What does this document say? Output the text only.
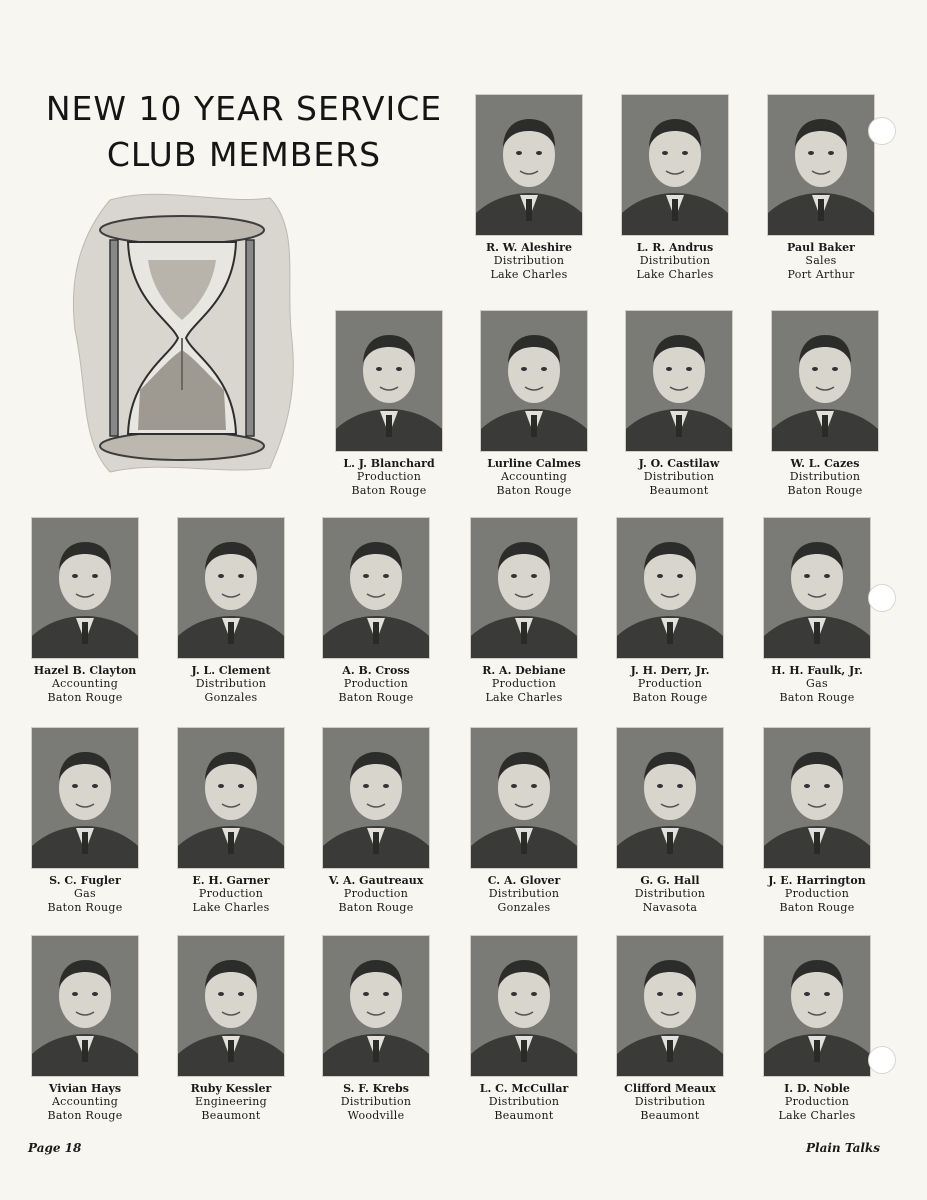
NEW 10 YEAR SERVICE
CLUB MEMBERS
R. W. Aleshire
Distribution
Lake Charles
L. R. Andrus
Distribution
Lake Charles
Paul Baker
Sales
Port Arthur
L. J. Blanchard
Production
Baton Rouge
Lurline Calmes
Accounting
Baton Rouge
J. O. Castilaw
Distribution
Beaumont
W. L. Cazes
Distribution
Baton Rouge
Hazel B. Clayton
Accounting
Baton Rouge
J. L. Clement
Distribution
Gonzales
A. B. Cross
Production
Baton Rouge
R. A. Debiane
Production
Lake Charles
J. H. Derr, Jr.
Production
Baton Rouge
H. H. Faulk, Jr.
Gas
Baton Rouge
S. C. Fugler
Gas
Baton Rouge
E. H. Garner
Production
Lake Charles
V. A. Gautreaux
Production
Baton Rouge
C. A. Glover
Distribution
Gonzales
G. G. Hall
Distribution
Navasota
J. E. Harrington
Production
Baton Rouge
Vivian Hays
Accounting
Baton Rouge
Ruby Kessler
Engineering
Beaumont
S. F. Krebs
Distribution
Woodville
L. C. McCullar
Distribution
Beaumont
Clifford Meaux
Distribution
Beaumont
I. D. Noble
Production
Lake Charles
Page 18	Plain Talks
